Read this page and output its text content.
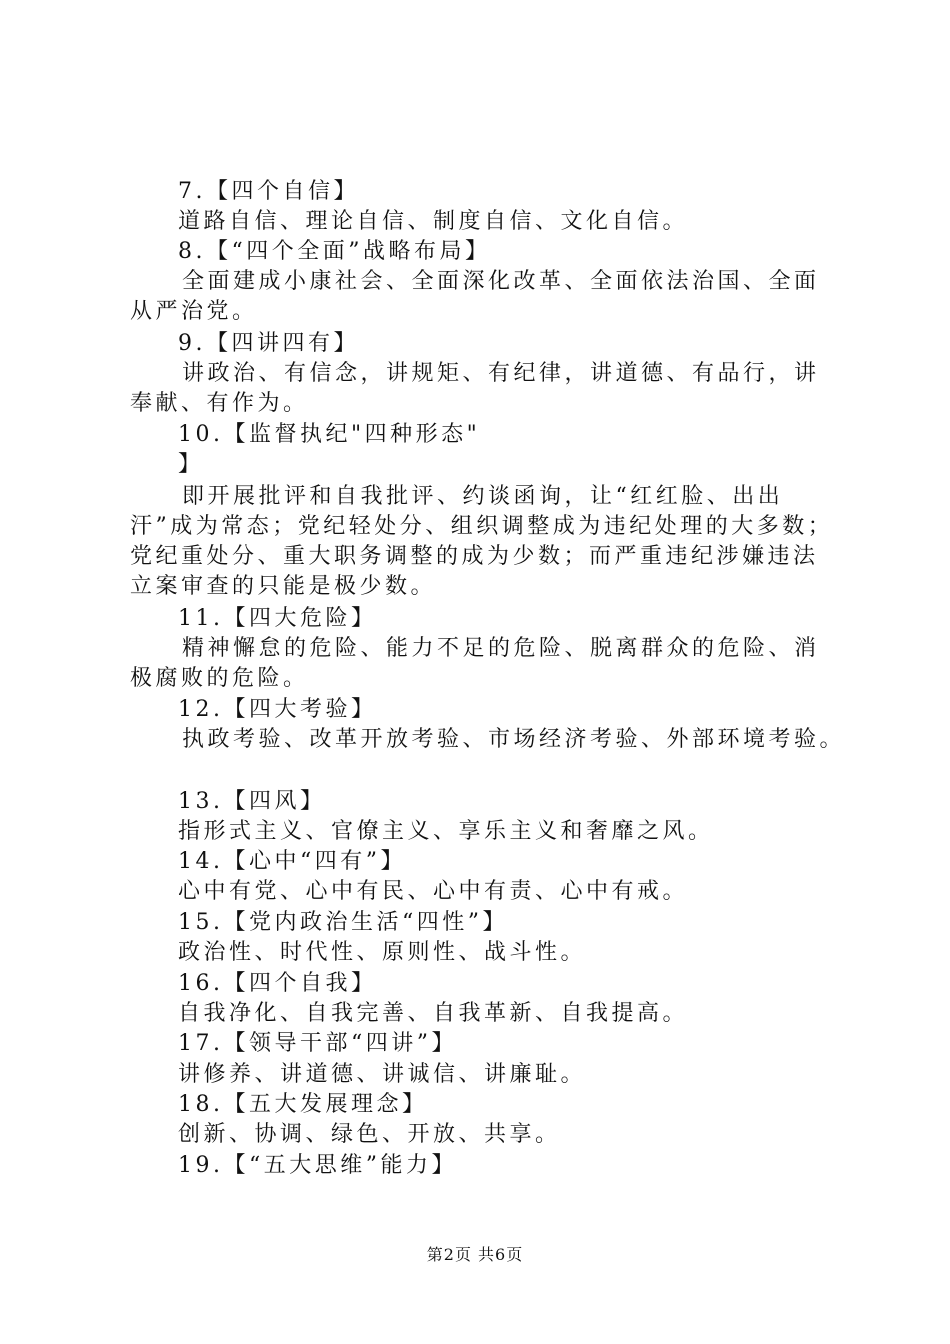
7.【四个自信】
道路自信、理论自信、制度自信、文化自信。
8.【“四个全面”战略布局】
全面建成小康社会、全面深化改革、全面依法治国、全面
从严治党。
9.【四讲四有】
讲政治、有信念，讲规矩、有纪律，讲道德、有品行，讲
奉献、有作为。
10.【监督执纪"四种形态"
】
即开展批评和自我批评、约谈函询，让“红红脸、出出
汗”成为常态；党纪轻处分、组织调整成为违纪处理的大多数；
党纪重处分、重大职务调整的成为少数；而严重违纪涉嫌违法
立案审查的只能是极少数。
11.【四大危险】
精神懈怠的危险、能力不足的危险、脱离群众的危险、消
极腐败的危险。
12.【四大考验】
执政考验、改革开放考验、市场经济考验、外部环境考验。
13.【四风】
指形式主义、官僚主义、享乐主义和奢靡之风。
14.【心中“四有”】
心中有党、心中有民、心中有责、心中有戒。
15.【党内政治生活“四性”】
政治性、时代性、原则性、战斗性。
16.【四个自我】
自我净化、自我完善、自我革新、自我提高。
17.【领导干部“四讲”】
讲修养、讲道德、讲诚信、讲廉耻。
18.【五大发展理念】
创新、协调、绿色、开放、共享。
19.【“五大思维”能力】
第2页 共6页
